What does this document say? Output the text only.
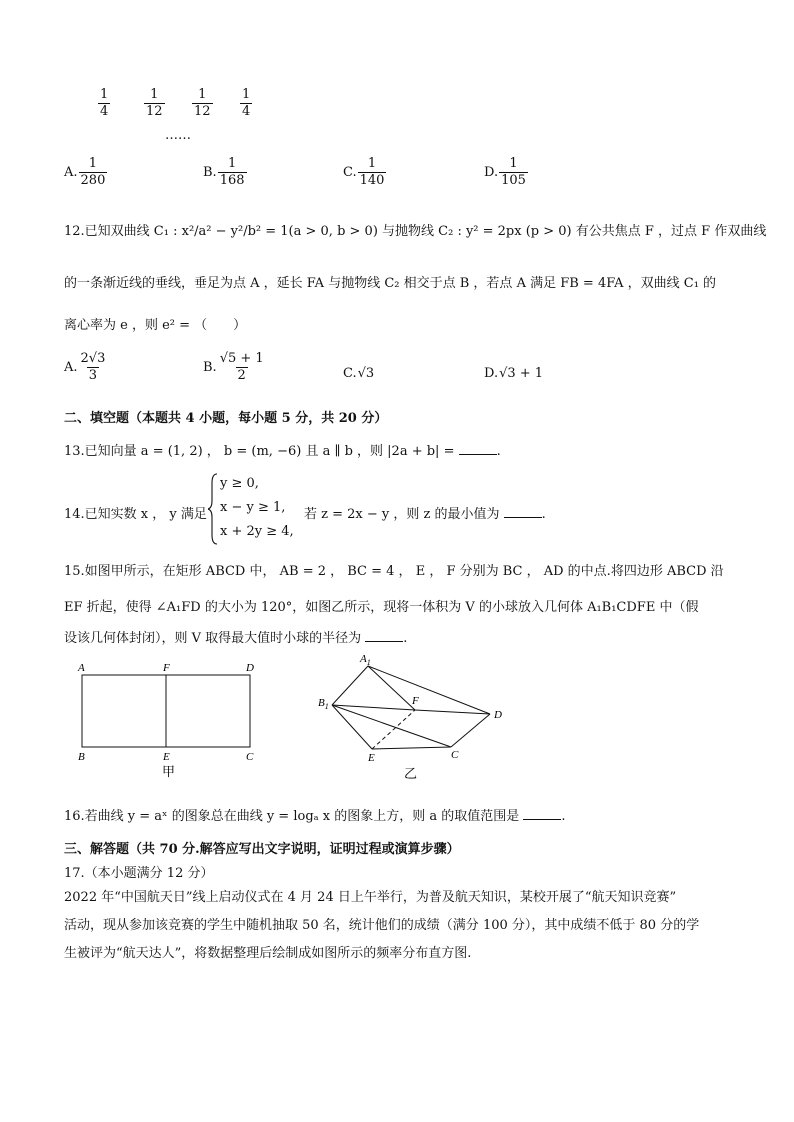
$\frac{1}{4}$	$\frac{1}{12} \frac{1}{12} \frac{1}{4}$
……
A. $\frac{1}{280}$	B. $\frac{1}{168}$	C. $\frac{1}{140}$	D. $\frac{1}{105}$
12.已知双曲线 C₁ : x²/a² − y²/b² = 1(a > 0, b > 0) 与抛物线 C₂ : y² = 2px (p > 0) 有公共焦点 F ，过点 F 作双曲线
的一条渐近线的垂线，垂足为点 A ，延长 FA 与抛物线 C₂ 相交于点 B ，若点 A 满足 FB = 4FA ，双曲线 C₁ 的
离心率为 e ，则 e² = （　　）
A. $\frac{2√3}{3}$	B. $\frac{√5 + 1}{2}$	C.√3	D.√3 + 1
二、填空题（本题共 4 小题，每小题 5 分，共 20 分）
13.已知向量 a = (1, 2) ， b = (m, −6) 且 a ∥ b ，则 |2a + b| =	.
14.已知实数 x ， y 满足
y ≥ 0,
x − y ≥ 1,
x + 2y ≥ 4,
若 z = 2x − y ，则 z 的最小值为	.
15.如图甲所示，在矩形 ABCD 中， AB = 2 ， BC = 4 ， E ， F 分别为 BC ， AD 的中点.将四边形 ABCD 沿
EF 折起，使得 ∠A₁FD 的大小为 120°，如图乙所示，现将一体积为 V 的小球放入几何体 A₁B₁CDFE 中（假
设该几何体封闭），则 V 取得最大值时小球的半径为	.
A	F	D
B	E	C
甲
$A_1$
$B_1$	F
D
E	C
乙
16.若曲线 y = aˣ 的图象总在曲线 y = logₐ x 的图象上方，则 a 的取值范围是	.
三、解答题（共 70 分.解答应写出文字说明，证明过程或演算步骤）
17.（本小题满分 12 分）
2022 年“中国航天日”线上启动仪式在 4 月 24 日上午举行，为普及航天知识，某校开展了“航天知识竞赛”
活动，现从参加该竞赛的学生中随机抽取 50 名，统计他们的成绩（满分 100 分），其中成绩不低于 80 分的学
生被评为“航天达人”，将数据整理后绘制成如图所示的频率分布直方图.
